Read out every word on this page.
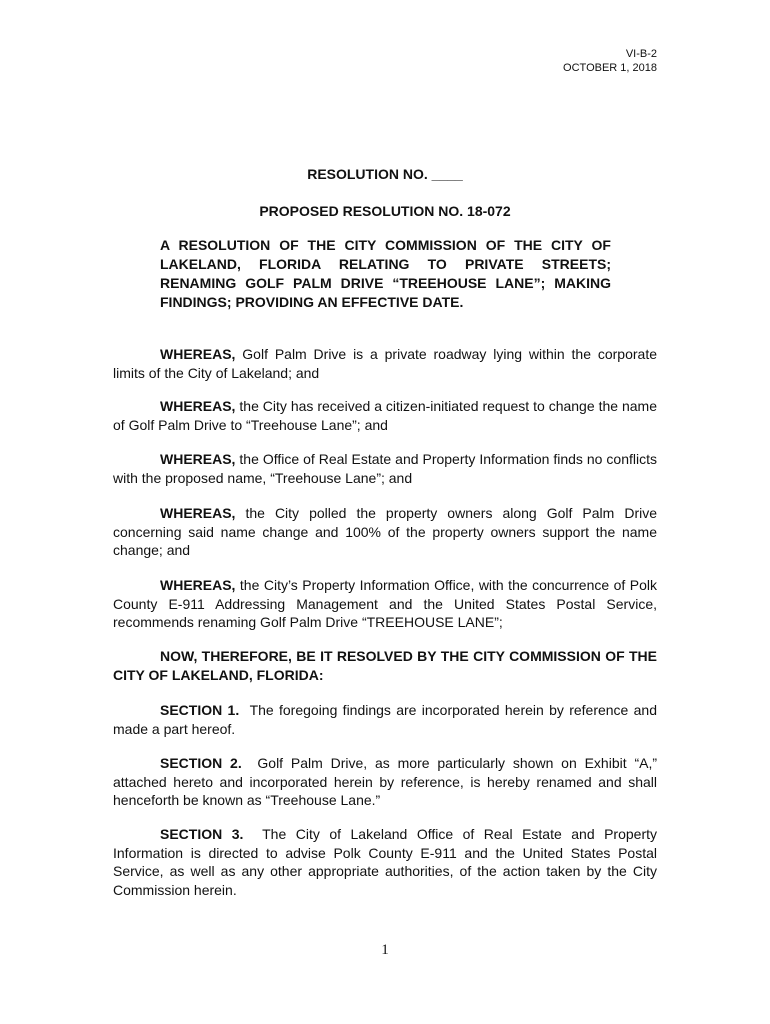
VI-B-2
OCTOBER 1, 2018
RESOLUTION NO. ____
PROPOSED RESOLUTION NO. 18-072
A RESOLUTION OF THE CITY COMMISSION OF THE CITY OF LAKELAND, FLORIDA RELATING TO PRIVATE STREETS; RENAMING GOLF PALM DRIVE “TREEHOUSE LANE”; MAKING FINDINGS; PROVIDING AN EFFECTIVE DATE.
WHEREAS, Golf Palm Drive is a private roadway lying within the corporate limits of the City of Lakeland; and
WHEREAS, the City has received a citizen-initiated request to change the name of Golf Palm Drive to “Treehouse Lane”; and
WHEREAS, the Office of Real Estate and Property Information finds no conflicts with the proposed name, “Treehouse Lane”; and
WHEREAS, the City polled the property owners along Golf Palm Drive concerning said name change and 100% of the property owners support the name change; and
WHEREAS, the City’s Property Information Office, with the concurrence of Polk County E-911 Addressing Management and the United States Postal Service, recommends renaming Golf Palm Drive “TREEHOUSE LANE”;
NOW, THEREFORE, BE IT RESOLVED BY THE CITY COMMISSION OF THE CITY OF LAKELAND, FLORIDA:
SECTION 1.  The foregoing findings are incorporated herein by reference and made a part hereof.
SECTION 2.  Golf Palm Drive, as more particularly shown on Exhibit “A,” attached hereto and incorporated herein by reference, is hereby renamed and shall henceforth be known as “Treehouse Lane.”
SECTION 3.  The City of Lakeland Office of Real Estate and Property Information is directed to advise Polk County E-911 and the United States Postal Service, as well as any other appropriate authorities, of the action taken by the City Commission herein.
1
